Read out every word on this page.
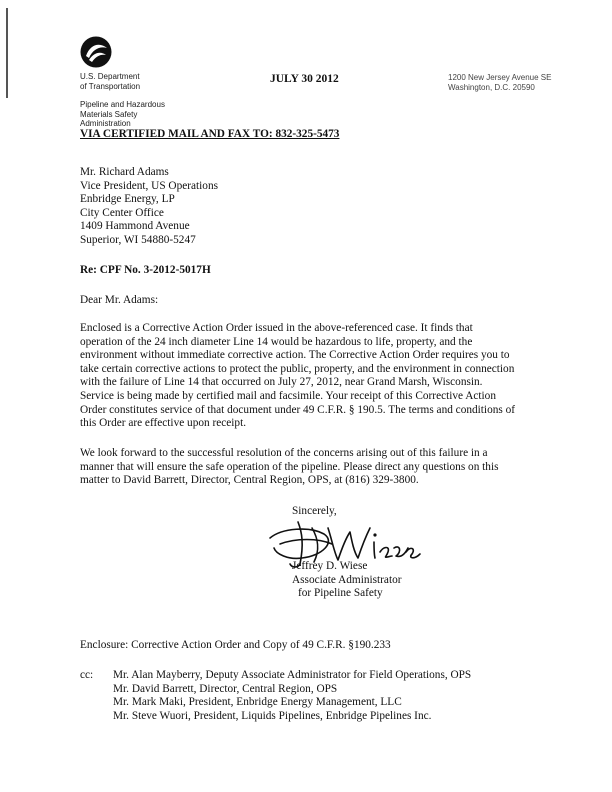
U.S. Department
of Transportation
Pipeline and Hazardous
Materials Safety
Administration
JULY 30 2012	1200 New Jersey Avenue SE
Washington, D.C. 20590
VIA CERTIFIED MAIL AND FAX TO: 832-325-5473
Mr. Richard Adams
Vice President, US Operations
Enbridge Energy, LP
City Center Office
1409 Hammond Avenue
Superior, WI 54880-5247
Re: CPF No. 3-2012-5017H
Dear Mr. Adams:
Enclosed is a Corrective Action Order issued in the above-referenced case. It finds that
operation of the 24 inch diameter Line 14 would be hazardous to life, property, and the
environment without immediate corrective action. The Corrective Action Order requires you to
take certain corrective actions to protect the public, property, and the environment in connection
with the failure of Line 14 that occurred on July 27, 2012, near Grand Marsh, Wisconsin.
Service is being made by certified mail and facsimile. Your receipt of this Corrective Action
Order constitutes service of that document under 49 C.F.R. § 190.5. The terms and conditions of
this Order are effective upon receipt.
We look forward to the successful resolution of the concerns arising out of this failure in a
manner that will ensure the safe operation of the pipeline. Please direct any questions on this
matter to David Barrett, Director, Central Region, OPS, at (816) 329-3800.
Sincerely,
Jeffrey D. Wiese
Associate Administrator
for Pipeline Safety
Enclosure: Corrective Action Order and Copy of 49 C.F.R. §190.233
cc: Mr. Alan Mayberry, Deputy Associate Administrator for Field Operations, OPS
Mr. David Barrett, Director, Central Region, OPS
Mr. Mark Maki, President, Enbridge Energy Management, LLC
Mr. Steve Wuori, President, Liquids Pipelines, Enbridge Pipelines Inc.
